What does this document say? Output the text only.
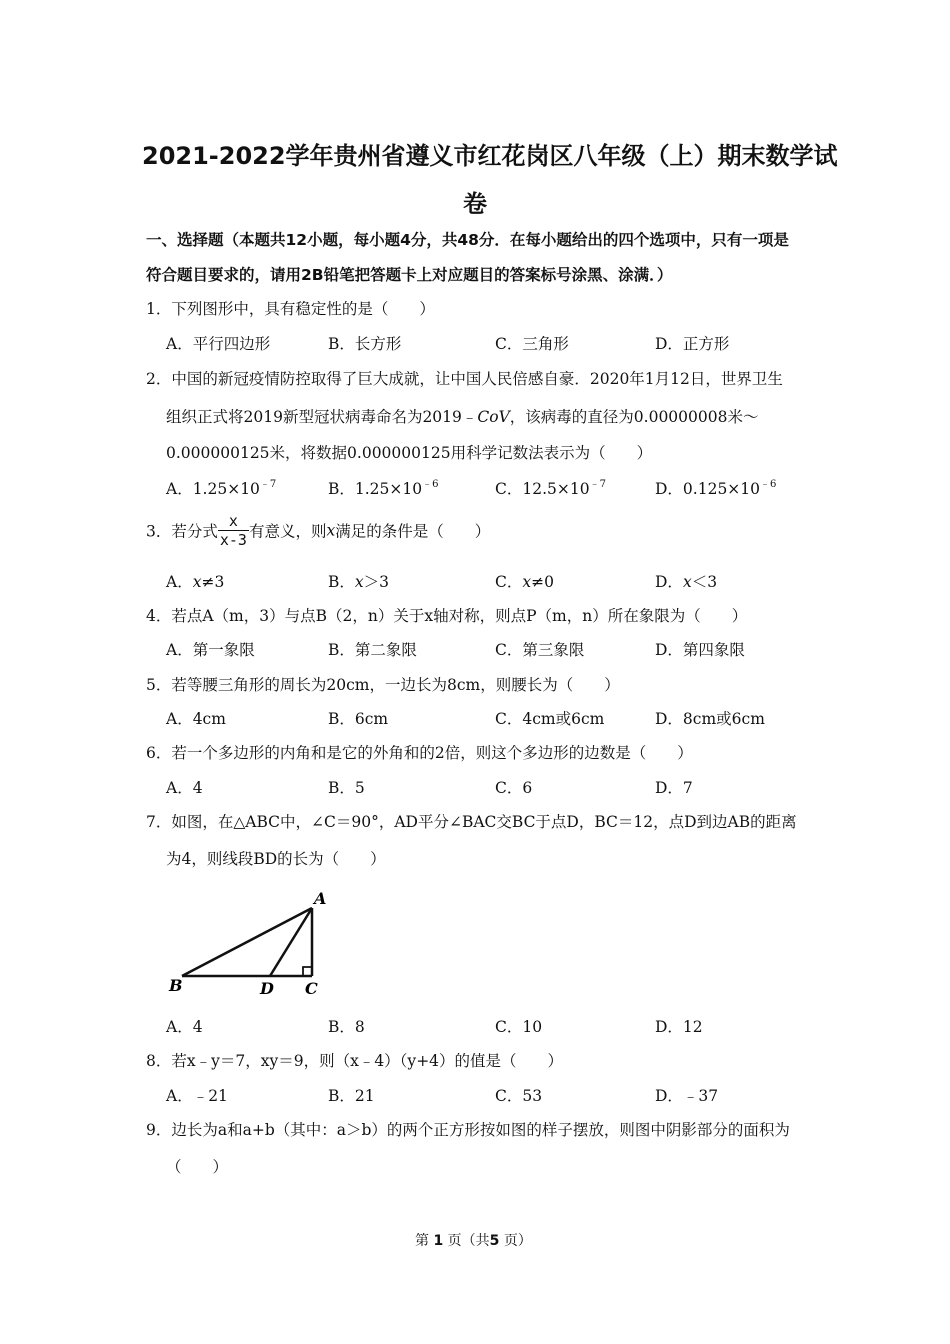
2021-2022学年贵州省遵义市红花岗区八年级（上）期末数学试
卷
一、选择题（本题共12小题，每小题4分，共48分．在每小题给出的四个选项中，只有一项是
符合题目要求的，请用2B铅笔把答题卡上对应题目的答案标号涂黑、涂满．）
1．下列图形中，具有稳定性的是（　　）
A．平行四边形	B．长方形	C．三角形	D．正方形
2．中国的新冠疫情防控取得了巨大成就，让中国人民倍感自豪．2020年1月12日，世界卫生
组织正式将2019新型冠状病毒命名为2019﹣CoV，该病毒的直径为0.00000008米～
0.000000125米，将数据0.000000125用科学记数法表示为（　　）
A．$1.25\times 10^{﹣7}$	B．$1.25\times 10^{﹣6}$	C．$12.5\times 10^{﹣7}$	D．$0.125\times 10^{﹣6}$
3．若分式 $\frac{x}{x-3}$ 有意义，则x满足的条件是（　　）
A．x≠3	B．x＞3	C．x≠0	D．x＜3
4．若点A（m，3）与点B（2，n）关于x轴对称，则点P（m，n）所在象限为（　　）
A．第一象限	B．第二象限	C．第三象限	D．第四象限
5．若等腰三角形的周长为20cm，一边长为8cm，则腰长为（　　）
A．4cm	B．6cm	C．4cm或6cm	D．8cm或6cm
6．若一个多边形的内角和是它的外角和的2倍，则这个多边形的边数是（　　）
A．4	B．5	C．6	D．7
7．如图，在△ABC中，∠C＝90°，AD平分∠BAC交BC于点D，BC＝12，点D到边AB的距离
为4，则线段BD的长为（　　）
A
B	D C
A．4	B．8	C．10	D．12
8．若x﹣y＝7，xy＝9，则（x﹣4）（y+4）的值是（　　）
A．﹣21	B．21	C．53	D．﹣37
9．边长为a和a+b（其中：a＞b）的两个正方形按如图的样子摆放，则图中阴影部分的面积为
（　　）
第 1 页（共5 页）
